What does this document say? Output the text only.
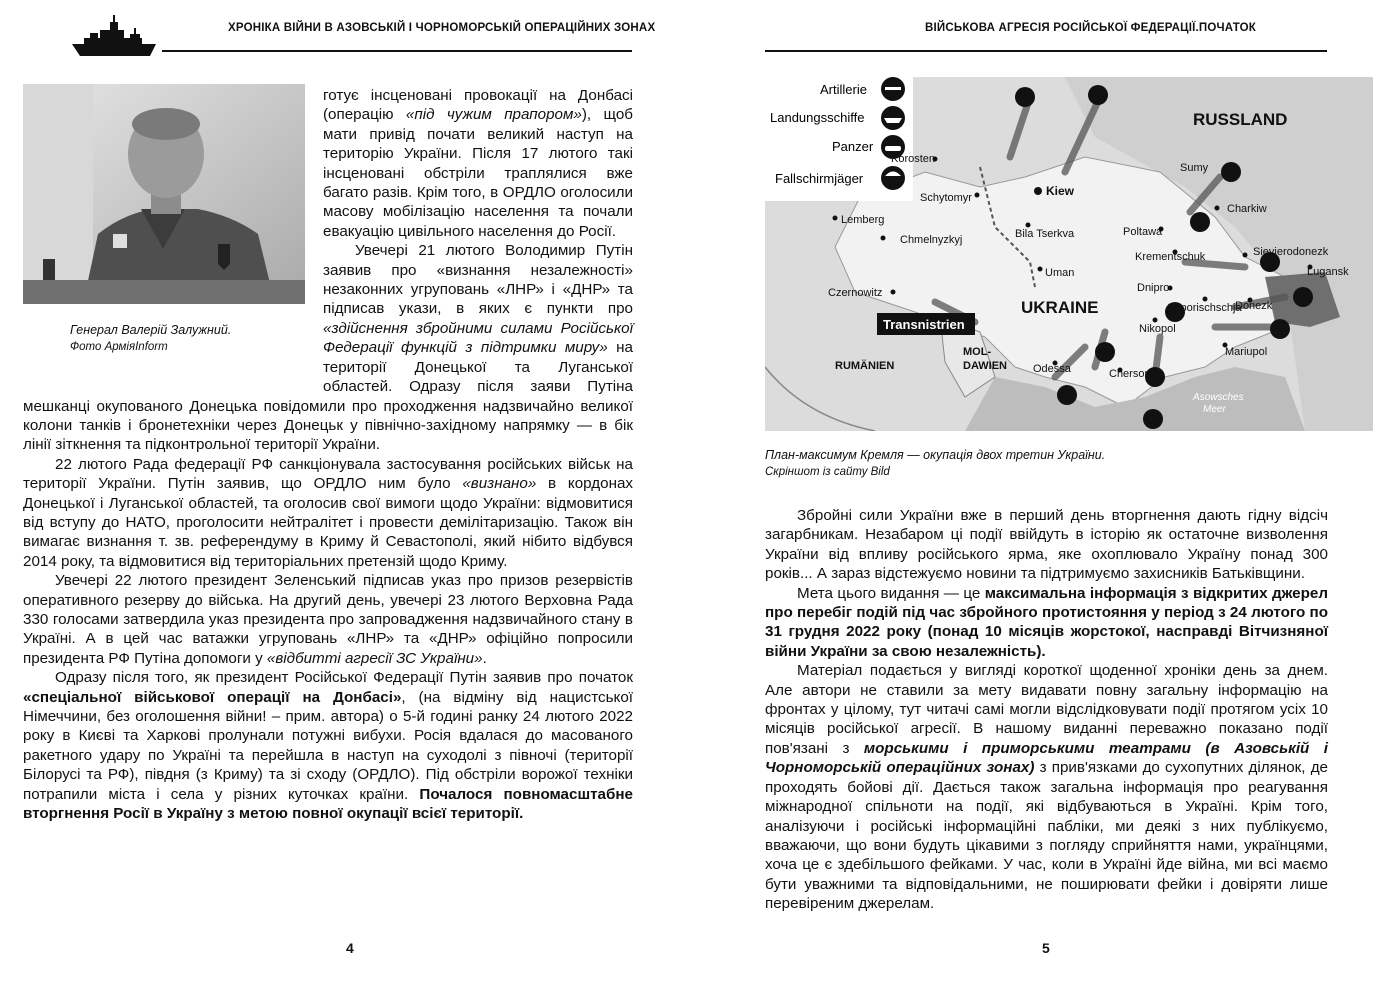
ХРОНІКА ВІЙНИ В АЗОВСЬКІЙ І ЧОРНОМОРСЬКІЙ ОПЕРАЦІЙНИХ ЗОНАХ
Генерал Валерій Залужний.
Фото АрміяInform

готує інсценовані провокації на Донбасі (операцію «під чужим прапором»), щоб мати привід почати великий наступ на територію України. Після 17 лютого такі інсценовані обстріли траплялися вже багато разів. Крім того, в ОРДЛО оголосили масову мобілізацію населення та почали евакуацію цивільного населення до Росії.

Увечері 21 лютого Володимир Путін заявив про «визнання незалежності» незаконних угруповань «ЛНР» і «ДНР» та підписав укази, в яких є пункти про «здійснення збройними силами Російської Федерації функцій з підтримки миру» на території Донецької та Луганської областей. Одразу після заяви Путіна мешканці окупованого Донецька повідомили про проходження надзвичайно великої колони танків і бронетехніки через Донецьк у північно-західному напрямку — в бік лінії зіткнення та підконтрольної території України.

22 лютого Рада федерації РФ санкціонувала застосування російських військ на території України. Путін заявив, що ОРДЛО ним було «визнано» в кордонах Донецької і Луганської областей, та оголосив свої вимоги щодо України: відмовитися від вступу до НАТО, проголосити нейтралітет і провести демілітаризацію. Також він вимагає визнання т. зв. референдуму в Криму й Севастополі, який нібито відбувся 2014 року, та відмовитися від територіальних претензій щодо Криму.

Увечері 22 лютого президент Зеленський підписав указ про призов резервістів оперативного резерву до війська. На другий день, увечері 23 лютого Верховна Рада 330 голосами затвердила указ президента про запровадження надзвичайного стану в Україні. А в цей час ватажки угруповань «ЛНР» та «ДНР» офіційно попросили президента РФ Путіна допомоги у «відбитті агресії ЗС України».

Одразу після того, як президент Російської Федерації Путін заявив про початок «спеціальної військової операції на Донбасі», (на відміну від нацистської Німеччини, без оголошення війни! – прим. автора) о 5-й годині ранку 24 лютого 2022 року в Києві та Харкові пролунали потужні вибухи. Росія вдалася до масованого ракетного удару по Україні та перейшла в наступ на суходолі з півночі (території Білорусі та РФ), півдня (з Криму) та зі сходу (ОРДЛО). Під обстріли ворожої техніки потрапили міста і села у різних куточках країни. Почалося повномасштабне вторгнення Росії в Україну з метою повної окупації всієї території.

4
ВІЙСЬКОВА АГРЕСІЯ РОСІЙСЬКОЇ ФЕДЕРАЦІЇ.ПОЧАТОК
Artillerie
Landungsschiffe
Panzer
Fallschirmjäger
Korosten
Kiew
Sumy
Lemberg
Schytomyr
Charkiw
Bila Tserkva	Poltawa
Chmelnyzkyj
Krementschuk	Sievierodonezk
Lugansk
Uman
Czernowitz	Dnipro
Saporischschja
Donezk
Nikopol
Mariupol
Odessa	Cherson
RUSSLAND
UKRAINE
RUMÄNIEN
MOL-
DAWIEN
Transnistrien
Asowsches
Meer
План-максимум Кремля — окупація двох третин України.
Скріншот із сайту Bild

Збройні сили України вже в перший день вторгнення дають гідну відсіч загарбникам. Незабаром ці події ввійдуть в історію як остаточне визволення України від впливу російського ярма, яке охоплювало Україну понад 300 років... А зараз відстежуємо новини та підтримуємо захисників Батьківщини.

Мета цього видання — це максимальна інформація з відкритих джерел про перебіг подій під час збройного протистояння у період з 24 лютого по 31 грудня 2022 року (понад 10 місяців жорстокої, насправді Вітчизняної війни України за свою незалежність).

Матеріал подається у вигляді короткої щоденної хроніки день за днем. Але автори не ставили за мету видавати повну загальну інформацію на фронтах у цілому, тут читачі самі могли відслідковувати події протягом усіх 10 місяців російської агресії. В нашому виданні переважно показано події пов'язані з морськими і приморськими театрами (в Азовській і Чорноморській операційних зонах) з прив'язками до сухопутних ділянок, де проходять бойові дії. Дається також загальна інформація про реагування міжнародної спільноти на події, які відбуваються в Україні. Крім того, аналізуючи і російські інформаційні пабліки, ми деякі з них публікуємо, вважаючи, що вони будуть цікавими з погляду сприйняття нами, українцями, хоча це є здебільшого фейками. У час, коли в Україні йде війна, ми всі маємо бути уважними та відповідальними, не поширювати фейки і довіряти лише перевіреним джерелам.

5
